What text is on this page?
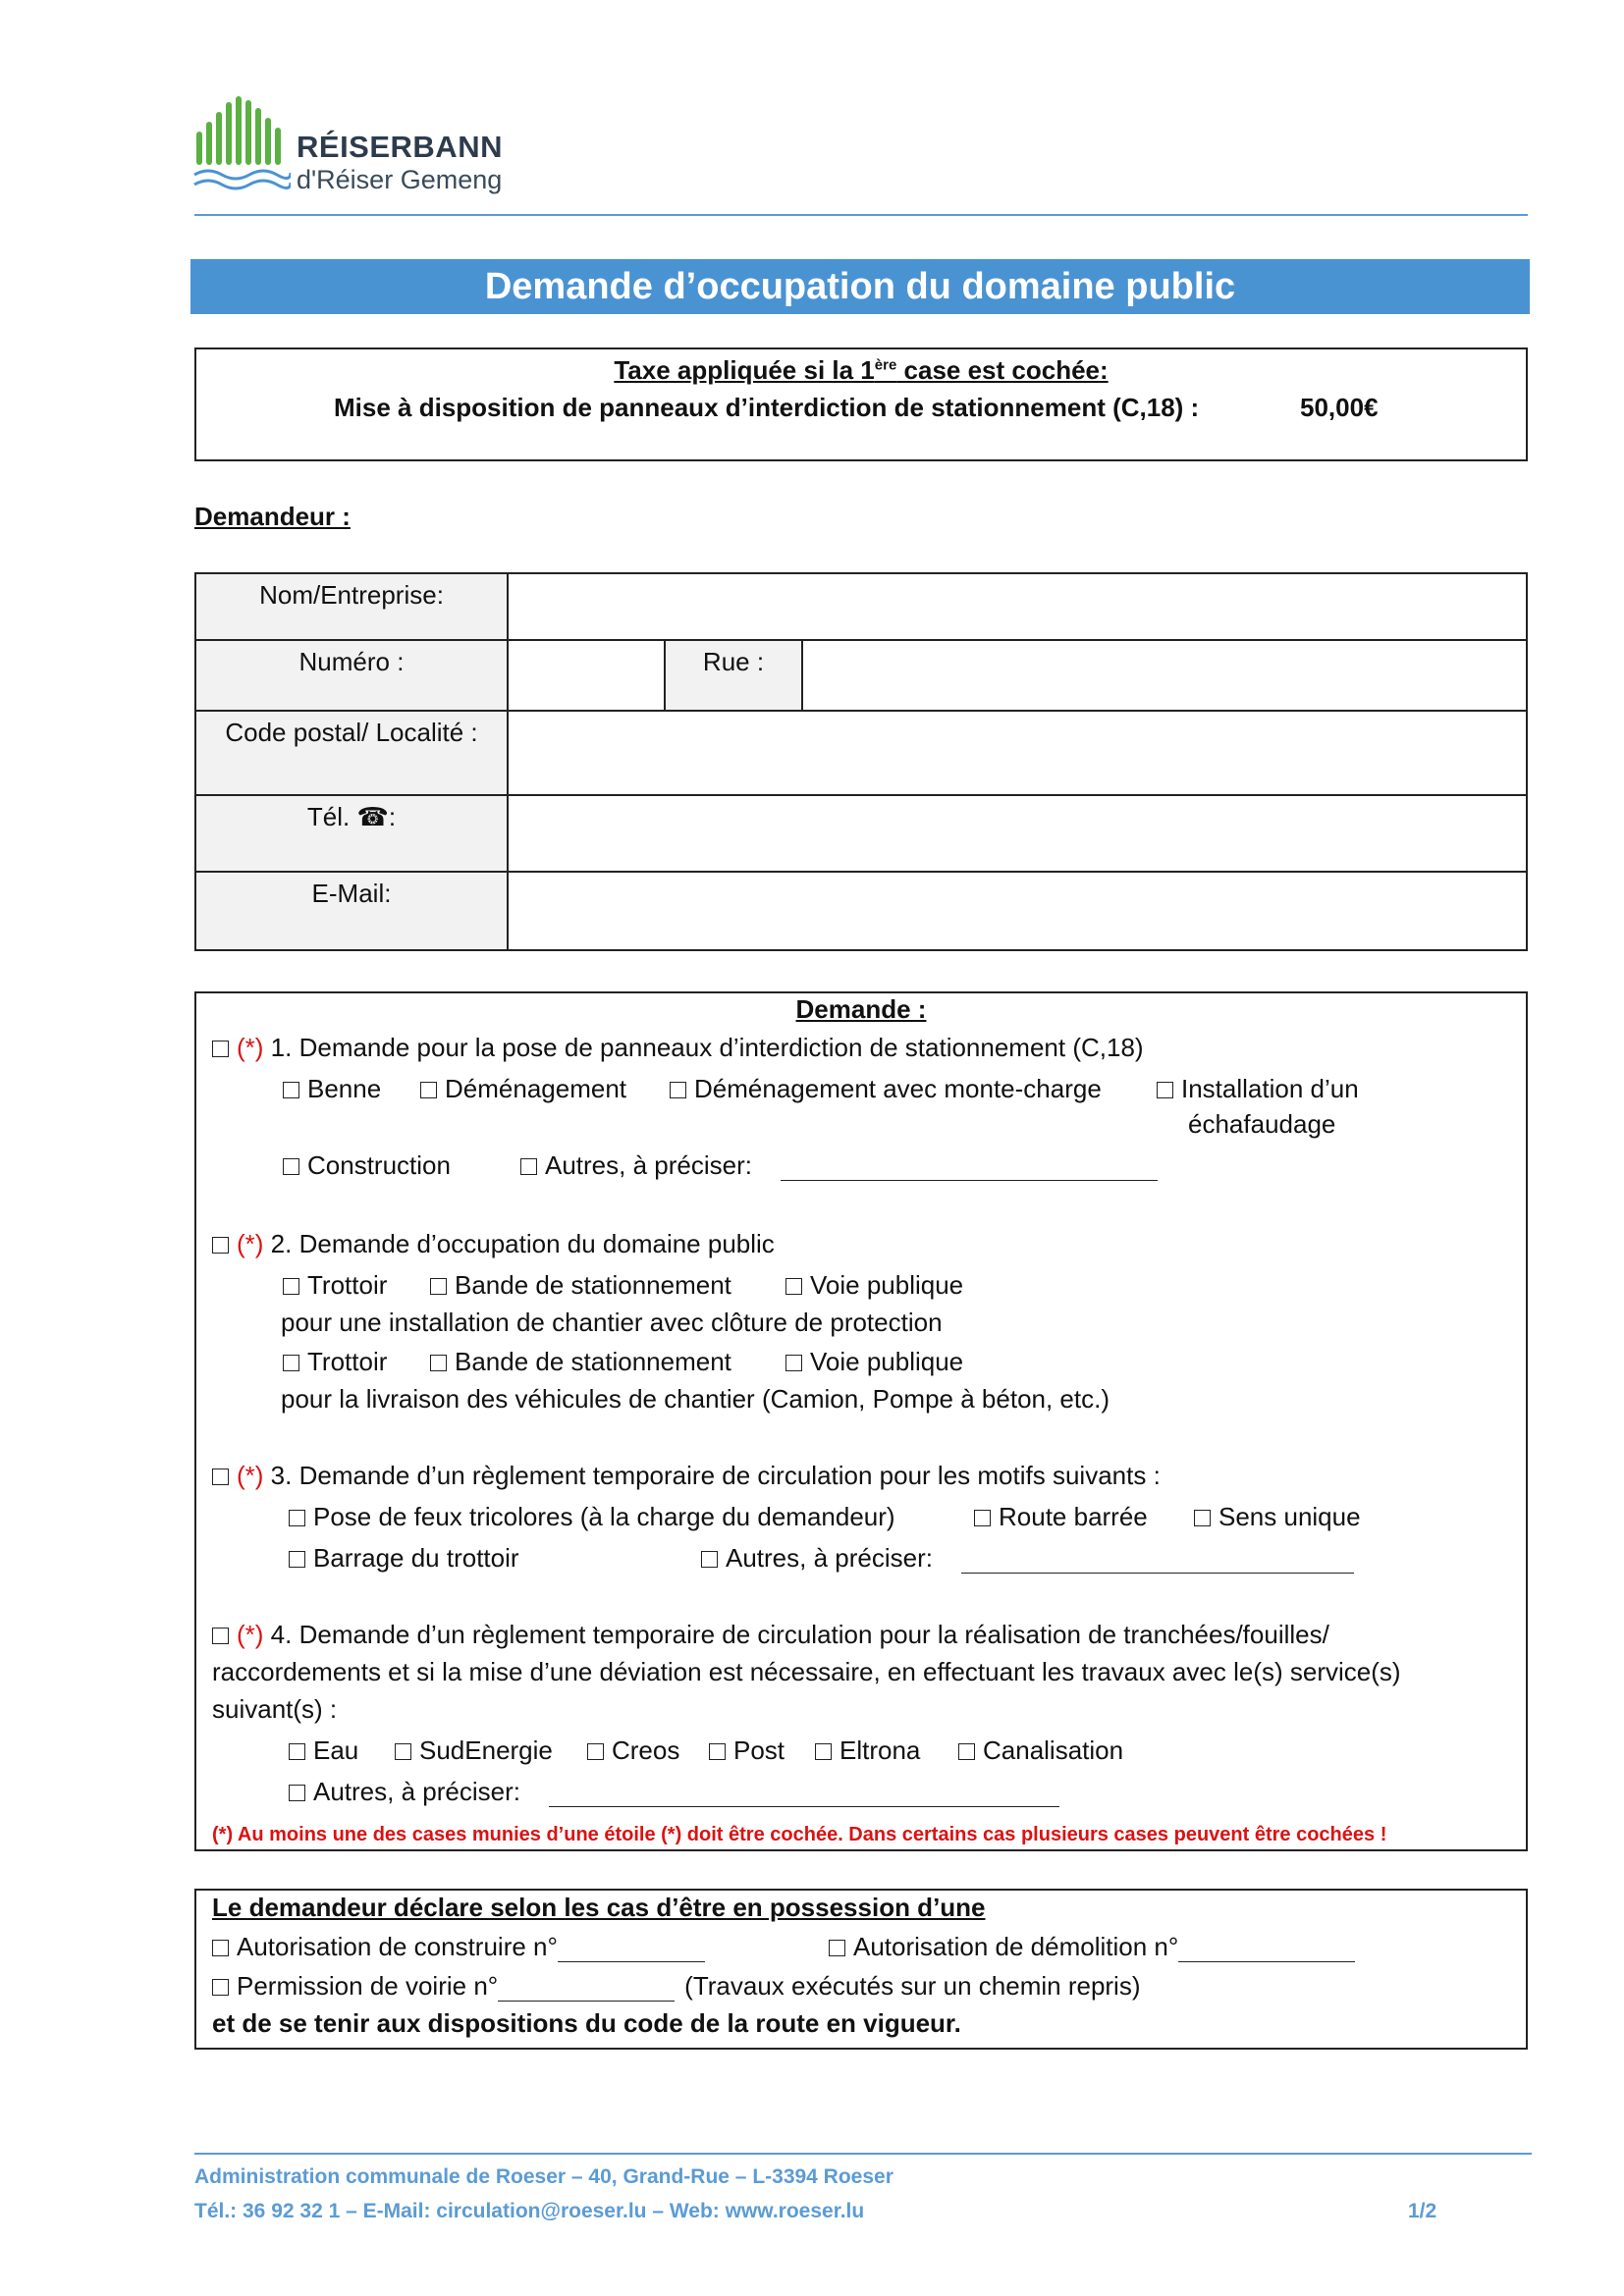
RÉISERBANN
d'Réiser Gemeng
Demande d’occupation du domaine public
Taxe appliquée si la 1ère case est cochée:
Mise à disposition de panneaux d’interdiction de stationnement (C,18) :	50,00€
Demandeur :
Nom/Entreprise:			
Numéro :		Rue :	
Code postal/ Localité :			
Tél. ☎:			
E-Mail:			
Demande :
(*) 1. Demande pour la pose de panneaux d’interdiction de stationnement (C,18)
Benne	Déménagement	Déménagement avec monte-charge	Installation d’un
échafaudage
Construction	Autres, à préciser:
(*) 2. Demande d’occupation du domaine public
Trottoir	Bande de stationnement	Voie publique
pour une installation de chantier avec clôture de protection
Trottoir	Bande de stationnement	Voie publique
pour la livraison des véhicules de chantier (Camion, Pompe à béton, etc.)
(*) 3. Demande d’un règlement temporaire de circulation pour les motifs suivants :
Pose de feux tricolores (à la charge du demandeur)	Route barrée	Sens unique
Barrage du trottoir	Autres, à préciser:
(*) 4. Demande d’un règlement temporaire de circulation pour la réalisation de tranchées/fouilles/
raccordements et si la mise d’une déviation est nécessaire, en effectuant les travaux avec le(s) service(s)
suivant(s) :
Eau	SudEnergie	Creos	Post	Eltrona	Canalisation
Autres, à préciser:
(*) Au moins une des cases munies d’une étoile (*) doit être cochée. Dans certains cas plusieurs cases peuvent être cochées !
Le demandeur déclare selon les cas d’être en possession d’une
Autorisation de construire n°	Autorisation de démolition n°
Permission de voirie n°	(Travaux exécutés sur un chemin repris)
et de se tenir aux dispositions du code de la route en vigueur.
Administration communale de Roeser – 40, Grand-Rue – L-3394 Roeser
Tél.: 36 92 32 1 – E-Mail: circulation@roeser.lu – Web: www.roeser.lu	1/2
